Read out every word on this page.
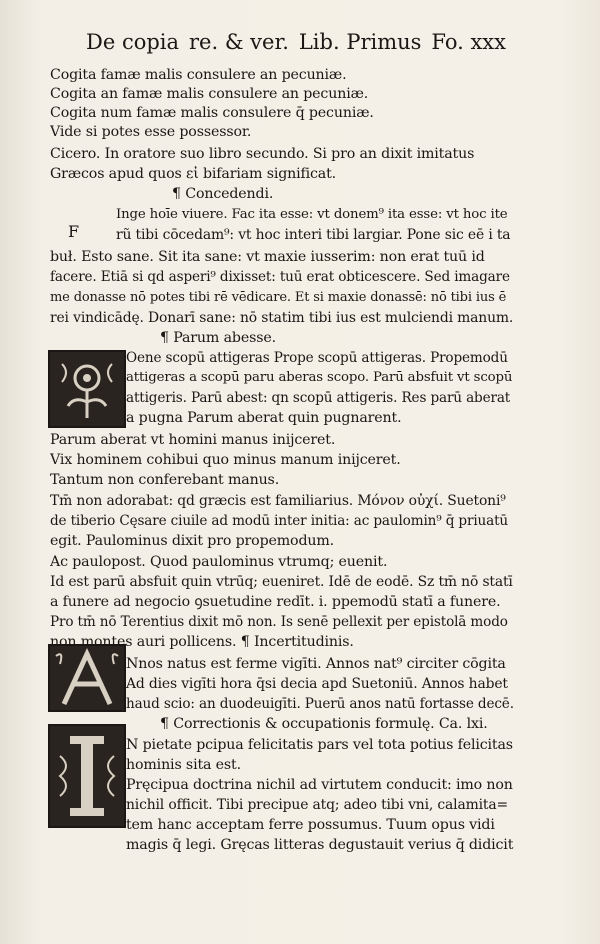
De copia re. & ver. Lib. Primus Fo. xxx
F
Cogita famæ malis consulere an pecuniæ.
Cogita an famæ malis consulere an pecuniæ.
Cogita num famæ malis consulere q̄ pecuniæ.
Vide si potes esse possessor.
Cicero. In oratore suo libro secundo. Si pro an dixit imitatus
Græcos apud quos εἰ bifariam significat.
¶ Concedendi.
Inge hoīe viuere. Fac ita esse: vt donem⁹ ita esse: vt hoc ite
rũ tibi cōcedam⁹: vt hoc interi tibi largiar. Pone sic eē i ta
buł. Esto sane. Sit ita sane: vt maxie iusserim: non erat tuū id
facere. Etiā si qd asperi⁹ dixisset: tuū erat obticescere. Sed imagare
me donasse nō potes tibi rē vēdicare. Et si maxie donassē: nō tibi ius ē
rei vindicādę. Donarī sane: nō statim tibi ius est mulciendi manum.
¶ Parum abesse.
Oene scopū attigeras Prope scopū attigeras. Propemodū
attigeras a scopū paru aberas scopo. Parū absfuit vt scopū
attigeris. Parū abest: qn scopū attigeris. Res parū aberat
a pugna Parum aberat quin pugnarent.
Parum aberat vt homini manus inijceret.
Vix hominem cohibui quo minus manum inijceret.
Tantum non conferebant manus.
Tm̄ non adorabat: qd græcis est familiarius. Μόνον οὐχί. Suetoni⁹
de tiberio Cęsare ciuile ad modū inter initia: ac paulomin⁹ q̄ priuatū
egit. Paulominus dixit pro propemodum.
Ac paulopost. Quod paulominus vtrumq; euenit.
Id est parū absfuit quin vtrūq; eueniret. Idē de eodē. Sz tm̄ nō statī
a funere ad negocio ꝯsuetudine redīt. i. ppemodū statī a funere.
Pro tm̄ nō Terentius dixit mō non. Is senē pellexit per epistolā modo
non montes auri pollicens. ¶ Incertitudinis.
Nnos natus est ferme vigīti. Annos nat⁹ circiter cōgita
Ad dies vigīti hora q̄si decia apd Suetoniū. Annos habet
haud scio: an duodeuigīti. Puerū anos natū fortasse decē.
¶ Correctionis & occupationis formulę. Ca. lxi.
N pietate pcipua felicitatis pars vel tota potius felicitas
hominis sita est.
Pręcipua doctrina nichil ad virtutem conducit: imo non
nichil officit. Tibi precipue atq; adeo tibi vni, calamita=
tem hanc acceptam ferre possumus. Tuum opus vidi
magis q̄ legi. Gręcas litteras degustauit verius q̄ didicit
